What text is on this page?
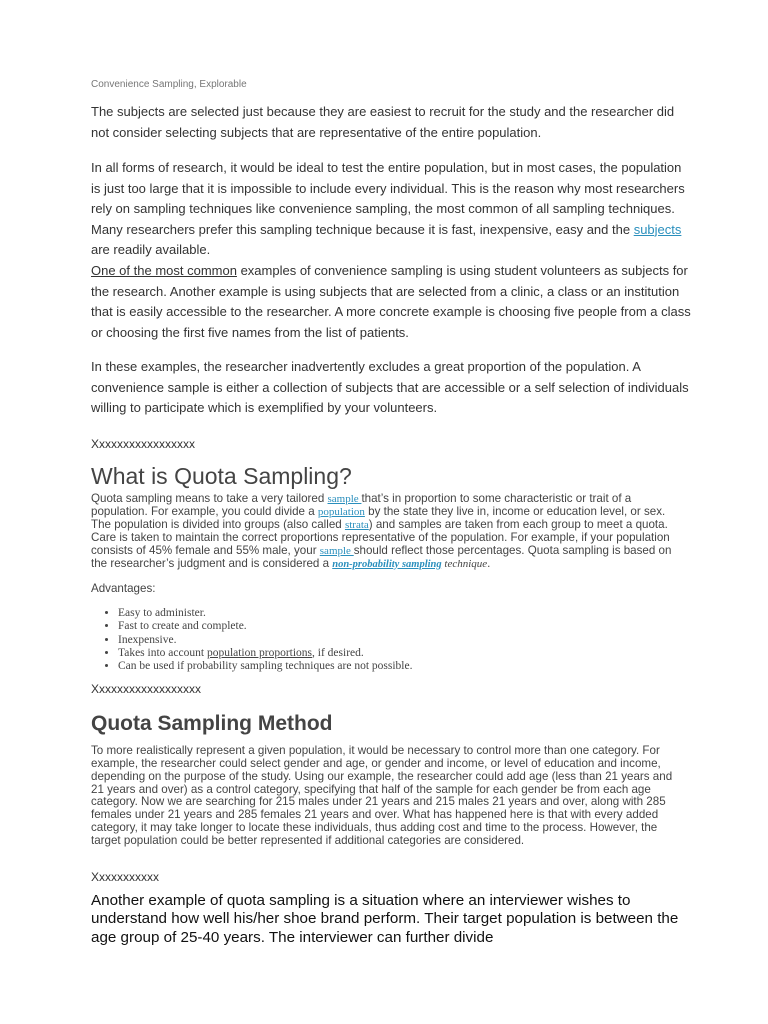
Convenience Sampling, Explorable
The subjects are selected just because they are easiest to recruit for the study and the researcher did not consider selecting subjects that are representative of the entire population.
In all forms of research, it would be ideal to test the entire population, but in most cases, the population is just too large that it is impossible to include every individual. This is the reason why most researchers rely on sampling techniques like convenience sampling, the most common of all sampling techniques. Many researchers prefer this sampling technique because it is fast, inexpensive, easy and the subjects are readily available.
One of the most common examples of convenience sampling is using student volunteers as subjects for the research. Another example is using subjects that are selected from a clinic, a class or an institution that is easily accessible to the researcher. A more concrete example is choosing five people from a class or choosing the first five names from the list of patients.
In these examples, the researcher inadvertently excludes a great proportion of the population. A convenience sample is either a collection of subjects that are accessible or a self selection of individuals willing to participate which is exemplified by your volunteers.
Xxxxxxxxxxxxxxxxx
What is Quota Sampling?
Quota sampling means to take a very tailored sample that’s in proportion to some characteristic or trait of a population. For example, you could divide a population by the state they live in, income or education level, or sex. The population is divided into groups (also called strata) and samples are taken from each group to meet a quota. Care is taken to maintain the correct proportions representative of the population. For example, if your population consists of 45% female and 55% male, your sample should reflect those percentages. Quota sampling is based on the researcher’s judgment and is considered a non-probability sampling technique.
Advantages:
• Easy to administer.
• Fast to create and complete.
• Inexpensive.
• Takes into account population proportions, if desired.
• Can be used if probability sampling techniques are not possible.
Xxxxxxxxxxxxxxxxxx
Quota Sampling Method
To more realistically represent a given population, it would be necessary to control more than one category. For example, the researcher could select gender and age, or gender and income, or level of education and income, depending on the purpose of the study. Using our example, the researcher could add age (less than 21 years and 21 years and over) as a control category, specifying that half of the sample for each gender be from each age category. Now we are searching for 215 males under 21 years and 215 males 21 years and over, along with 285 females under 21 years and 285 females 21 years and over. What has happened here is that with every added category, it may take longer to locate these individuals, thus adding cost and time to the process. However, the target population could be better represented if additional categories are considered.
Xxxxxxxxxxx
Another example of quota sampling is a situation where an interviewer wishes to understand how well his/her shoe brand perform. Their target population is between the age group of 25-40 years. The interviewer can further divide
